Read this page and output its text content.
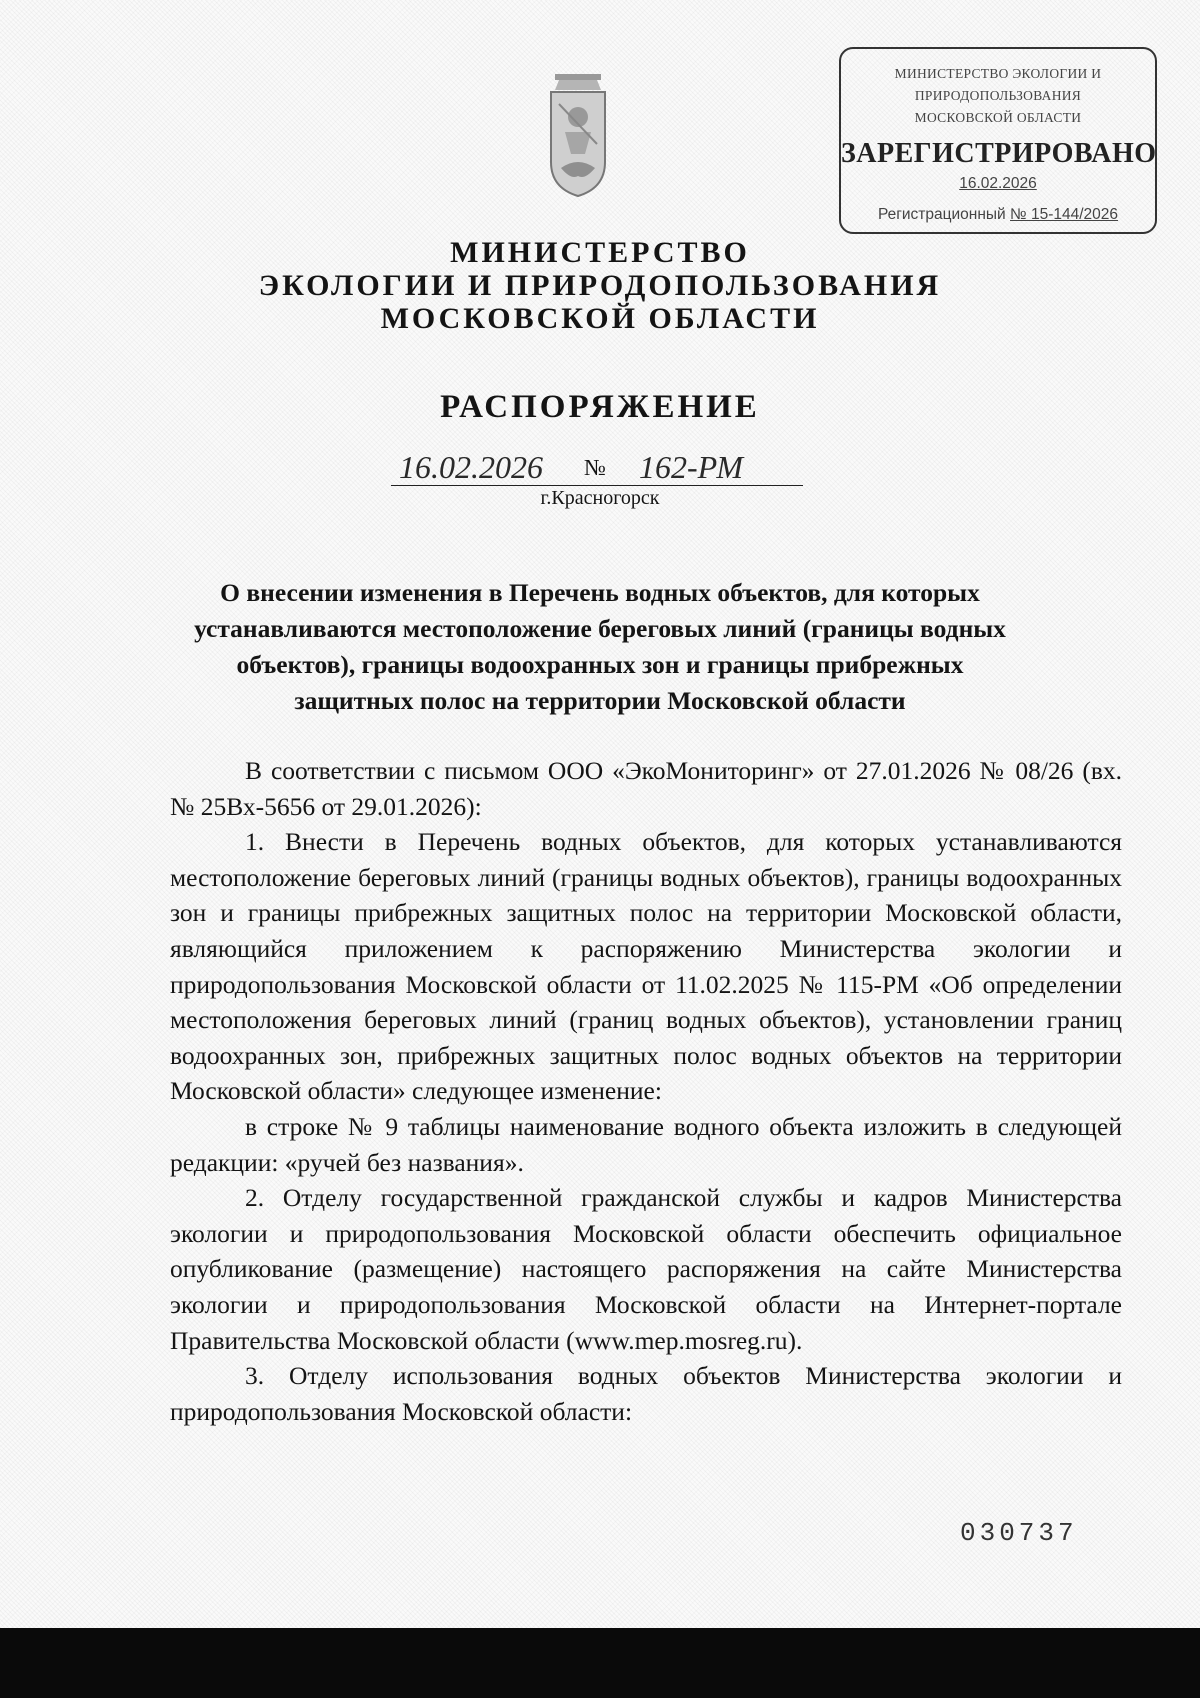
МИНИСТЕРСТВО ЭКОЛОГИИ И
ПРИРОДОПОЛЬЗОВАНИЯ
МОСКОВСКОЙ ОБЛАСТИ
ЗАРЕГИСТРИРОВАНО
16.02.2026
Регистрационный № 15-144/2026
МИНИСТЕРСТВО
ЭКОЛОГИИ И ПРИРОДОПОЛЬЗОВАНИЯ
МОСКОВСКОЙ ОБЛАСТИ
РАСПОРЯЖЕНИЕ
16.02.2026 № 162-РМ
г.Красногорск
О внесении изменения в Перечень водных объектов, для которых
устанавливаются местоположение береговых линий (границы водных
объектов), границы водоохранных зон и границы прибрежных
защитных полос на территории Московской области

В соответствии с письмом ООО «ЭкоМониторинг» от 27.01.2026 № 08/26 (вх. № 25Вх-5656 от 29.01.2026):

1. Внести в Перечень водных объектов, для которых устанавливаются местоположение береговых линий (границы водных объектов), границы водоохранных зон и границы прибрежных защитных полос на территории Московской области, являющийся приложением к распоряжению Министерства экологии и природопользования Московской области от 11.02.2025 № 115-РМ «Об определении местоположения береговых линий (границ водных объектов), установлении границ водоохранных зон, прибрежных защитных полос водных объектов на территории Московской области» следующее изменение:

в строке № 9 таблицы наименование водного объекта изложить в следующей редакции: «ручей без названия».

2. Отделу государственной гражданской службы и кадров Министерства экологии и природопользования Московской области обеспечить официальное опубликование (размещение) настоящего распоряжения на сайте Министерства экологии и природопользования Московской области на Интернет-портале Правительства Московской области (www.mep.mosreg.ru).

3. Отделу использования водных объектов Министерства экологии и природопользования Московской области:

030737
